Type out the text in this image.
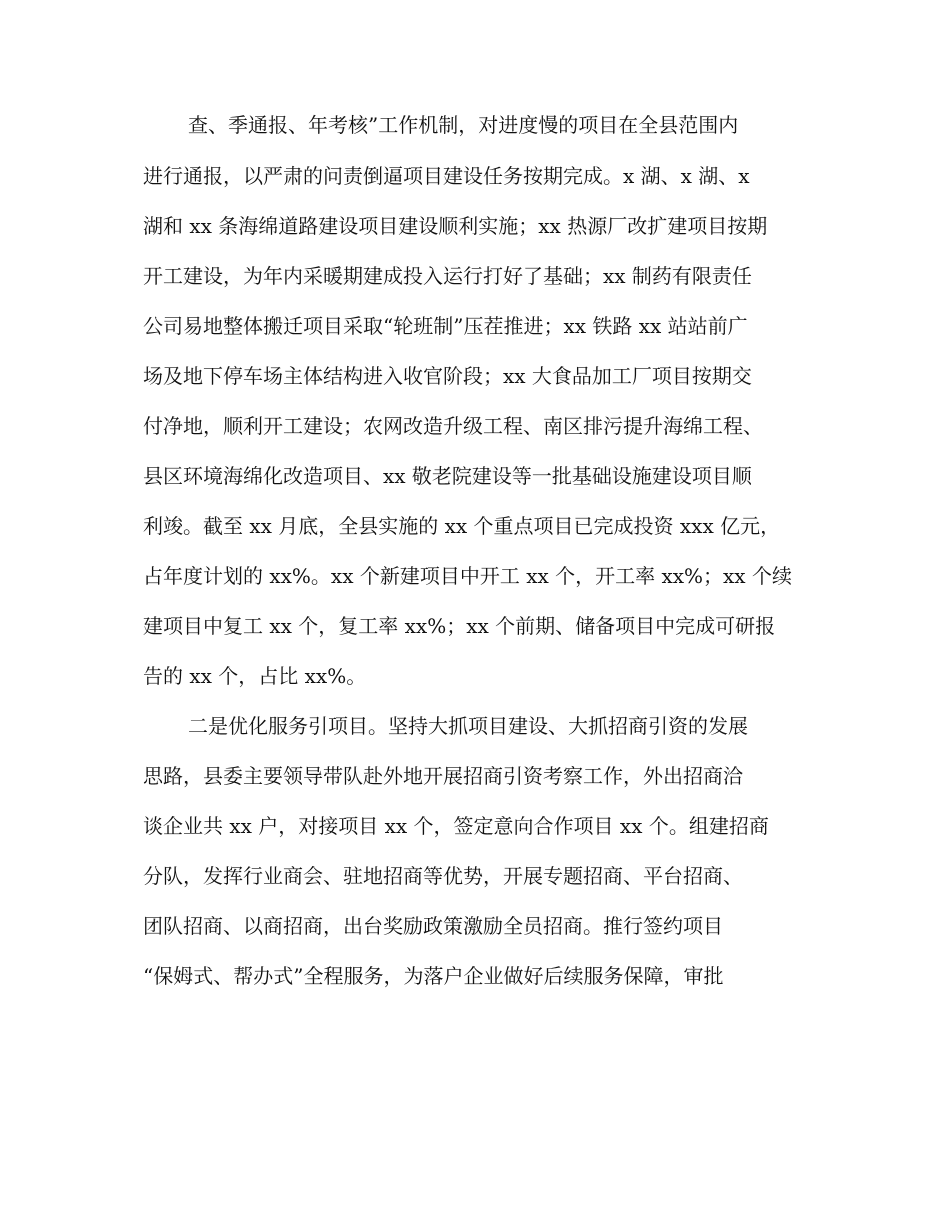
查、季通报、年考核”工作机制，对进度慢的项目在全县范围内
进行通报，以严肃的问责倒逼项目建设任务按期完成。x 湖、x 湖、x
湖和 xx 条海绵道路建设项目建设顺利实施；xx 热源厂改扩建项目按期
开工建设，为年内采暖期建成投入运行打好了基础；xx 制药有限责任
公司易地整体搬迁项目采取“轮班制”压茬推进；xx 铁路 xx 站站前广
场及地下停车场主体结构进入收官阶段；xx 大食品加工厂项目按期交
付净地，顺利开工建设；农网改造升级工程、南区排污提升海绵工程、
县区环境海绵化改造项目、xx 敬老院建设等一批基础设施建设项目顺
利竣。截至 xx 月底，全县实施的 xx 个重点项目已完成投资 xxx 亿元，
占年度计划的 xx%。xx 个新建项目中开工 xx 个，开工率 xx%；xx 个续
建项目中复工 xx 个，复工率 xx%；xx 个前期、储备项目中完成可研报
告的 xx 个，占比 xx%。
二是优化服务引项目。坚持大抓项目建设、大抓招商引资的发展
思路，县委主要领导带队赴外地开展招商引资考察工作，外出招商洽
谈企业共 xx 户，对接项目 xx 个，签定意向合作项目 xx 个。组建招商
分队，发挥行业商会、驻地招商等优势，开展专题招商、平台招商、
团队招商、以商招商，出台奖励政策激励全员招商。推行签约项目
“保姆式、帮办式”全程服务，为落户企业做好后续服务保障，审批
